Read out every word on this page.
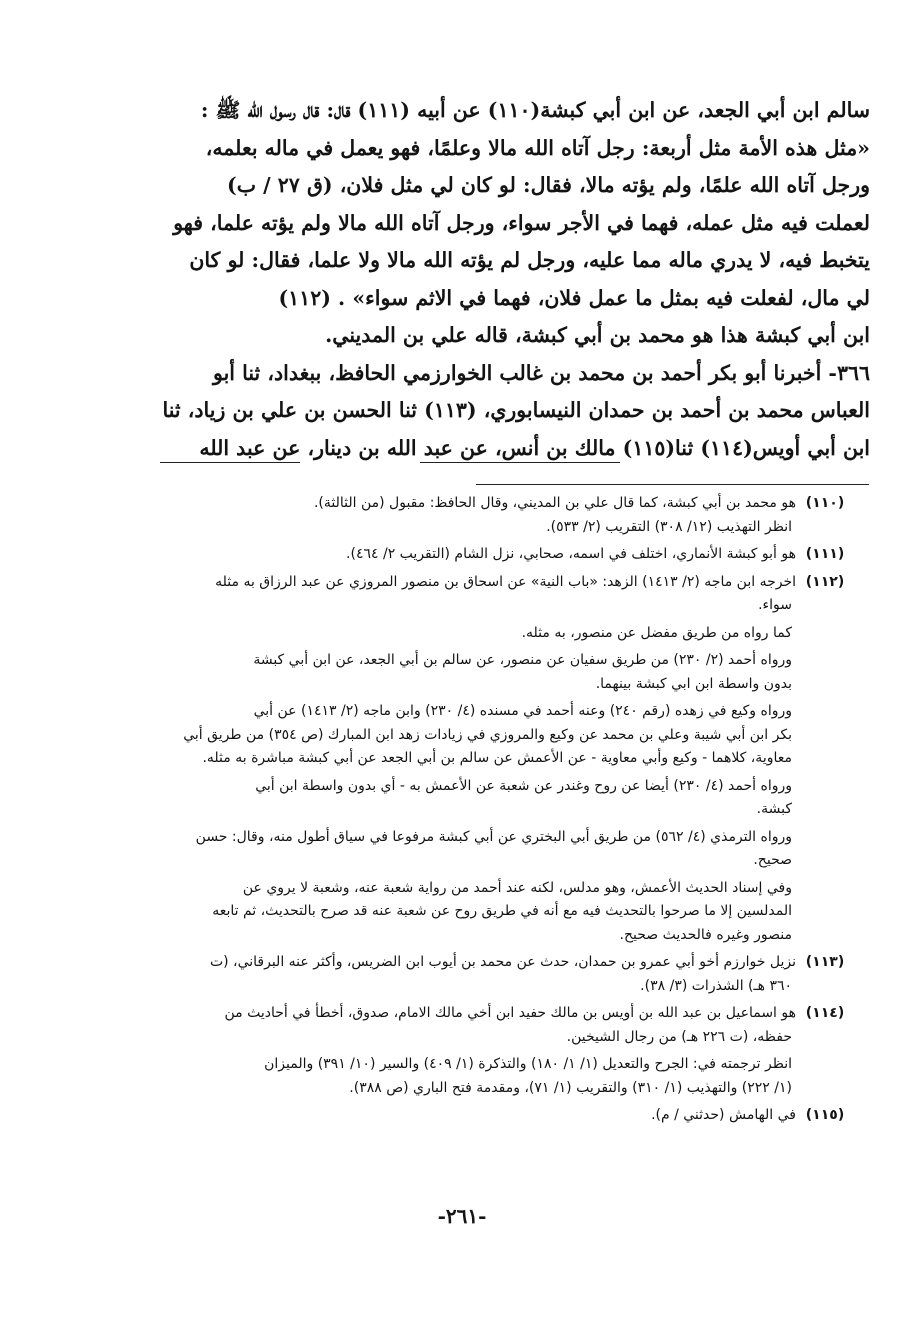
سالم ابن أبي الجعد، عن ابن أبي كبشة(١١٠) عن أبيه (١١١) قال: قال رسول الله ﷺ :
«مثل هذه الأمة مثل أربعة: رجل آتاه الله مالا وعلمًا، فهو يعمل في ماله بعلمه،
ورجل آتاه الله علمًا، ولم يؤته مالا، فقال: لو كان لي مثل فلان، (ق ٢٧ / ب)
لعملت فيه مثل عمله، فهما في الأجر سواء، ورجل آتاه الله مالا ولم يؤته علما، فهو
يتخبط فيه، لا يدري ماله مما عليه، ورجل لم يؤته الله مالا ولا علما، فقال: لو كان
لي مال، لفعلت فيه بمثل ما عمل فلان، فهما في الاثم سواء» . (١١٢)
ابن أبي كبشة هذا هو محمد بن أبي كبشة، قاله علي بن المديني.
٣٦٦- أخبرنا أبو بكر أحمد بن محمد بن غالب الخوارزمي الحافظ، ببغداد، ثنا أبو
العباس محمد بن أحمد بن حمدان النيسابوري، (١١٣) ثنا الحسن بن علي بن زياد، ثنا
ابن أبي أويس(١١٤) ثنا(١١٥) مالك بن أنس، عن عبد الله بن دينار، عن عبد الله
(١١٠)هو محمد بن أبي كبشة، كما قال علي بن المديني، وقال الحافظ: مقبول (من الثالثة).
انظر التهذيب (١٢/ ٣٠٨) التقريب (٢/ ٥٣٣).
(١١١)هو أبو كبشة الأنماري، اختلف في اسمه، صحابي، نزل الشام (التقريب ٢/ ٤٦٤).
(١١٢)اخرجه ابن ماجه (٢/ ١٤١٣) الزهد: «باب النية» عن اسحاق بن منصور المروزي عن عبد الرزاق به مثله
سواء.
كما رواه من طريق مفضل عن منصور، به مثله.
ورواه أحمد (٢/ ٢٣٠) من طريق سفيان عن منصور، عن سالم بن أبي الجعد، عن ابن أبي كبشة
بدون واسطة ابن ابي كبشة بينهما.
ورواه وكيع في زهده (رقم ٢٤٠) وعنه أحمد في مسنده (٤/ ٢٣٠) وابن ماجه (٢/ ١٤١٣) عن أبي
بكر ابن أبي شيبة وعلي بن محمد عن وكيع والمروزي في زيادات زهد ابن المبارك (ص ٣٥٤) من طريق أبي
معاوية، كلاهما - وكيع وأبي معاوية - عن الأعمش عن سالم بن أبي الجعد عن أبي كبشة مباشرة به مثله.
ورواه أحمد (٤/ ٢٣٠) أيضا عن روح وغندر عن شعبة عن الأعمش به - أي بدون واسطة ابن أبي
كبشة.
ورواه الترمذي (٤/ ٥٦٢) من طريق أبي البختري عن أبي كبشة مرفوعا في سياق أطول منه، وقال: حسن
صحيح.
وفي إسناد الحديث الأعمش، وهو مدلس، لكنه عند أحمد من رواية شعبة عنه، وشعبة لا يروي عن
المدلسين إلا ما صرحوا بالتحديث فيه مع أنه في طريق روح عن شعبة عنه قد صرح بالتحديث، ثم تابعه
منصور وغيره فالحديث صحيح.
(١١٣)نزيل خوارزم أخو أبي عمرو بن حمدان، حدث عن محمد بن أيوب ابن الضريس، وأكثر عنه البرقاني، (ت
٣٦٠ هـ) الشذرات (٣/ ٣٨).
(١١٤)هو اسماعيل بن عبد الله بن أويس بن مالك حفيد ابن أخي مالك الامام، صدوق، أخطأ في أحاديث من
حفظه، (ت ٢٢٦ هـ) من رجال الشيخين.
انظر ترجمته في: الجرح والتعديل (١/ ١/ ١٨٠) والتذكرة (١/ ٤٠٩) والسير (١٠/ ٣٩١) والميزان
(١/ ٢٢٢) والتهذيب (١/ ٣١٠) والتقريب (١/ ٧١)، ومقدمة فتح الباري (ص ٣٨٨).
(١١٥)في الهامش (حدثني / م).
-٢٦١-
